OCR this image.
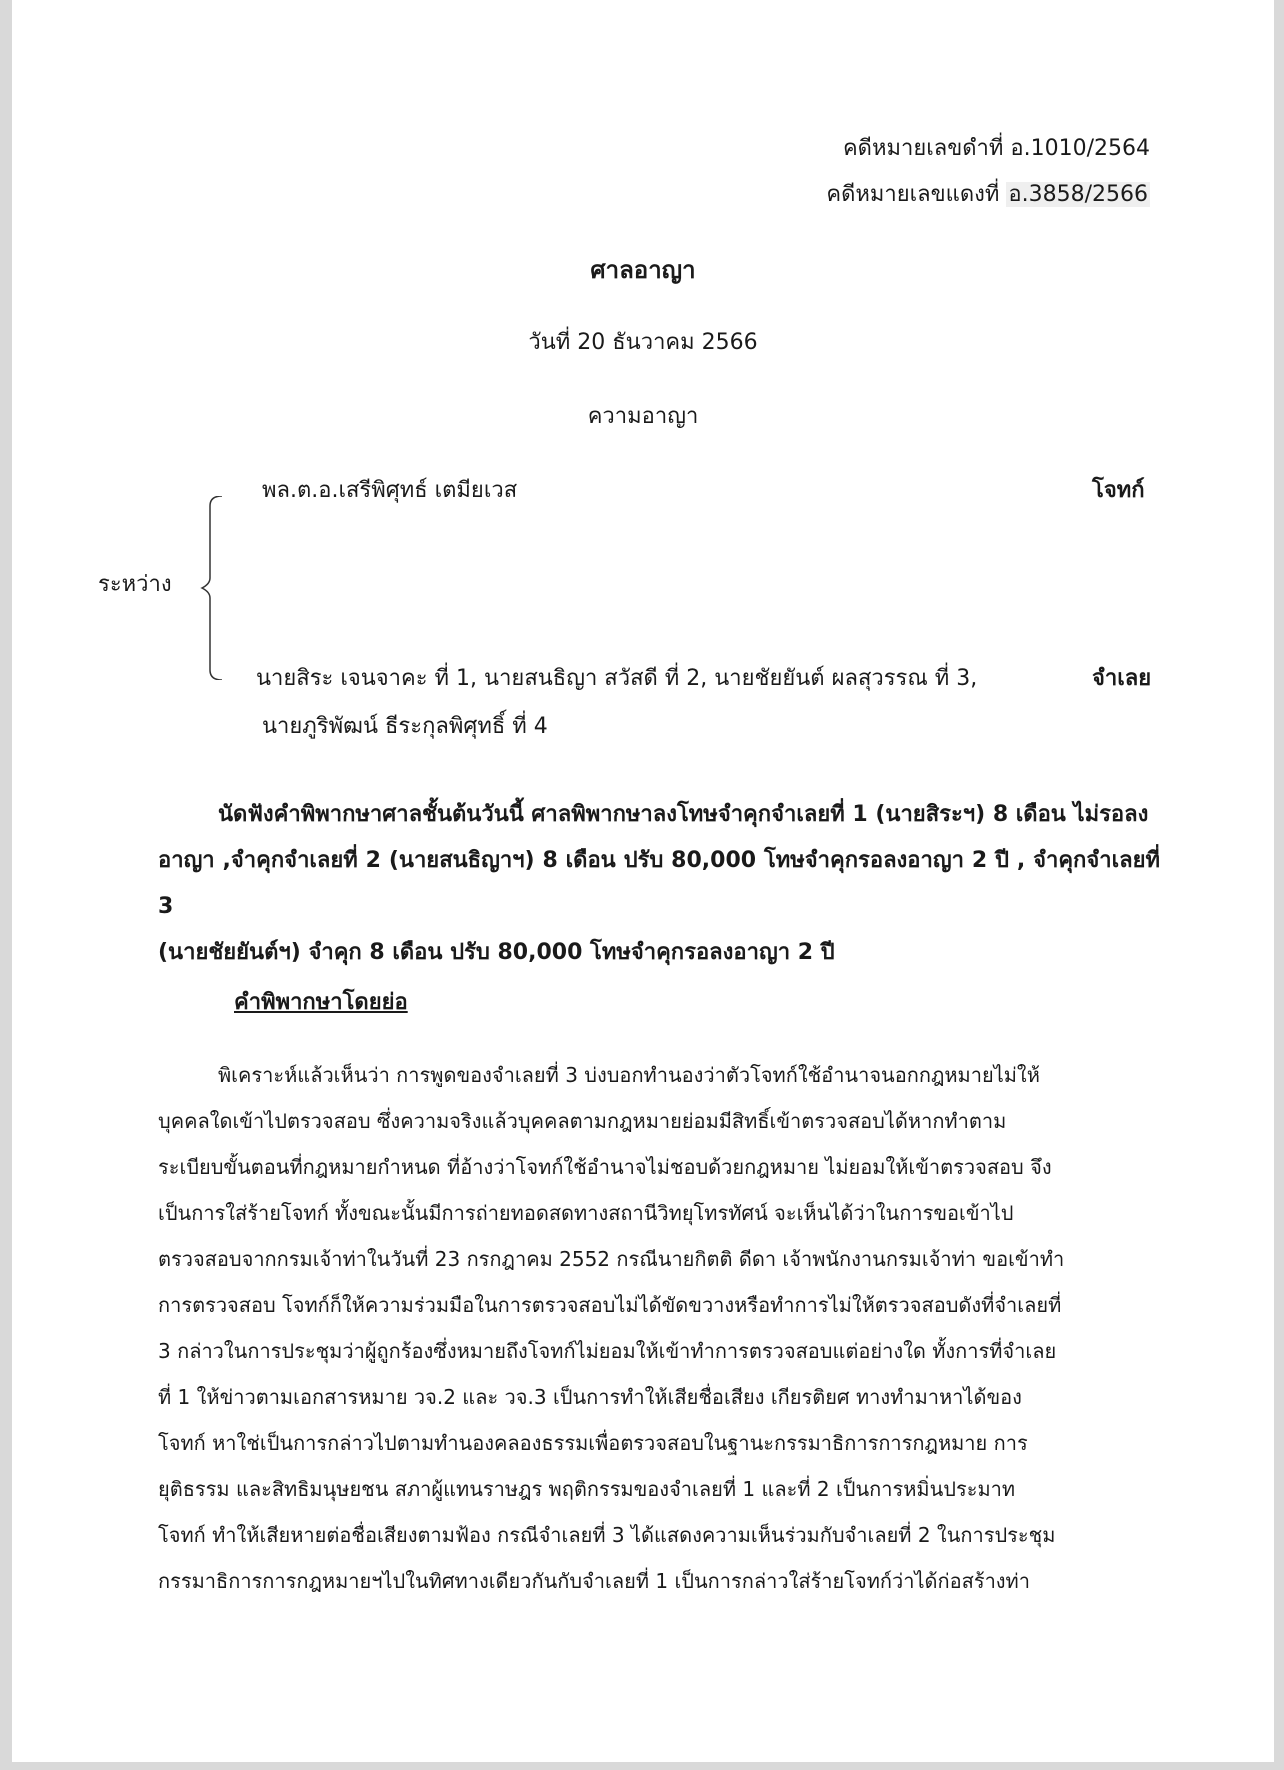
คดีหมายเลขดำที่ อ.1010/2564
คดีหมายเลขแดงที่ อ.3858/2566
ศาลอาญา
วันที่ 20 ธันวาคม 2566
ความอาญา
ระหว่าง
พล.ต.อ.เสรีพิศุทธ์ เตมียเวส	โจทก์
นายสิระ เจนจาคะ ที่ 1, นายสนธิญา สวัสดี ที่ 2, นายชัยยันต์ ผลสุวรรณ ที่ 3,
นายภูริพัฒน์ ธีระกุลพิศุทธิ์ ที่ 4
จำเลย
นัดฟังคำพิพากษาศาลชั้นต้นวันนี้ ศาลพิพากษาลงโทษจำคุกจำเลยที่ 1 (นายสิระฯ) 8 เดือน ไม่รอลง
อาญา ,จำคุกจำเลยที่ 2 (นายสนธิญาฯ) 8 เดือน ปรับ 80,000 โทษจำคุกรอลงอาญา 2 ปี , จำคุกจำเลยที่ 3
(นายชัยยันต์ฯ) จำคุก 8 เดือน ปรับ 80,000 โทษจำคุกรอลงอาญา 2 ปี
คำพิพากษาโดยย่อ
พิเคราะห์แล้วเห็นว่า การพูดของจำเลยที่ 3 บ่งบอกทำนองว่าตัวโจทก์ใช้อำนาจนอกกฎหมายไม่ให้
บุคคลใดเข้าไปตรวจสอบ ซึ่งความจริงแล้วบุคคลตามกฎหมายย่อมมีสิทธิ์เข้าตรวจสอบได้หากทำตาม
ระเบียบขั้นตอนที่กฎหมายกำหนด ที่อ้างว่าโจทก์ใช้อำนาจไม่ชอบด้วยกฎหมาย ไม่ยอมให้เข้าตรวจสอบ จึง
เป็นการใส่ร้ายโจทก์ ทั้งขณะนั้นมีการถ่ายทอดสดทางสถานีวิทยุโทรทัศน์ จะเห็นได้ว่าในการขอเข้าไป
ตรวจสอบจากกรมเจ้าท่าในวันที่ 23 กรกฎาคม 2552 กรณีนายกิตติ ดีดา เจ้าพนักงานกรมเจ้าท่า ขอเข้าทำ
การตรวจสอบ โจทก์ก็ให้ความร่วมมือในการตรวจสอบไม่ได้ขัดขวางหรือทำการไม่ให้ตรวจสอบดังที่จำเลยที่
3 กล่าวในการประชุมว่าผู้ถูกร้องซึ่งหมายถึงโจทก์ไม่ยอมให้เข้าทำการตรวจสอบแต่อย่างใด ทั้งการที่จำเลย
ที่ 1 ให้ข่าวตามเอกสารหมาย วจ.2 และ วจ.3 เป็นการทำให้เสียชื่อเสียง เกียรติยศ ทางทำมาหาได้ของ
โจทก์ หาใช่เป็นการกล่าวไปตามทำนองคลองธรรมเพื่อตรวจสอบในฐานะกรรมาธิการการกฎหมาย การ
ยุติธรรม และสิทธิมนุษยชน สภาผู้แทนราษฎร พฤติกรรมของจำเลยที่ 1 และที่ 2 เป็นการหมิ่นประมาท
โจทก์ ทำให้เสียหายต่อชื่อเสียงตามฟ้อง กรณีจำเลยที่ 3 ได้แสดงความเห็นร่วมกับจำเลยที่ 2 ในการประชุม
กรรมาธิการการกฎหมายฯไปในทิศทางเดียวกันกับจำเลยที่ 1 เป็นการกล่าวใส่ร้ายโจทก์ว่าได้ก่อสร้างท่า
